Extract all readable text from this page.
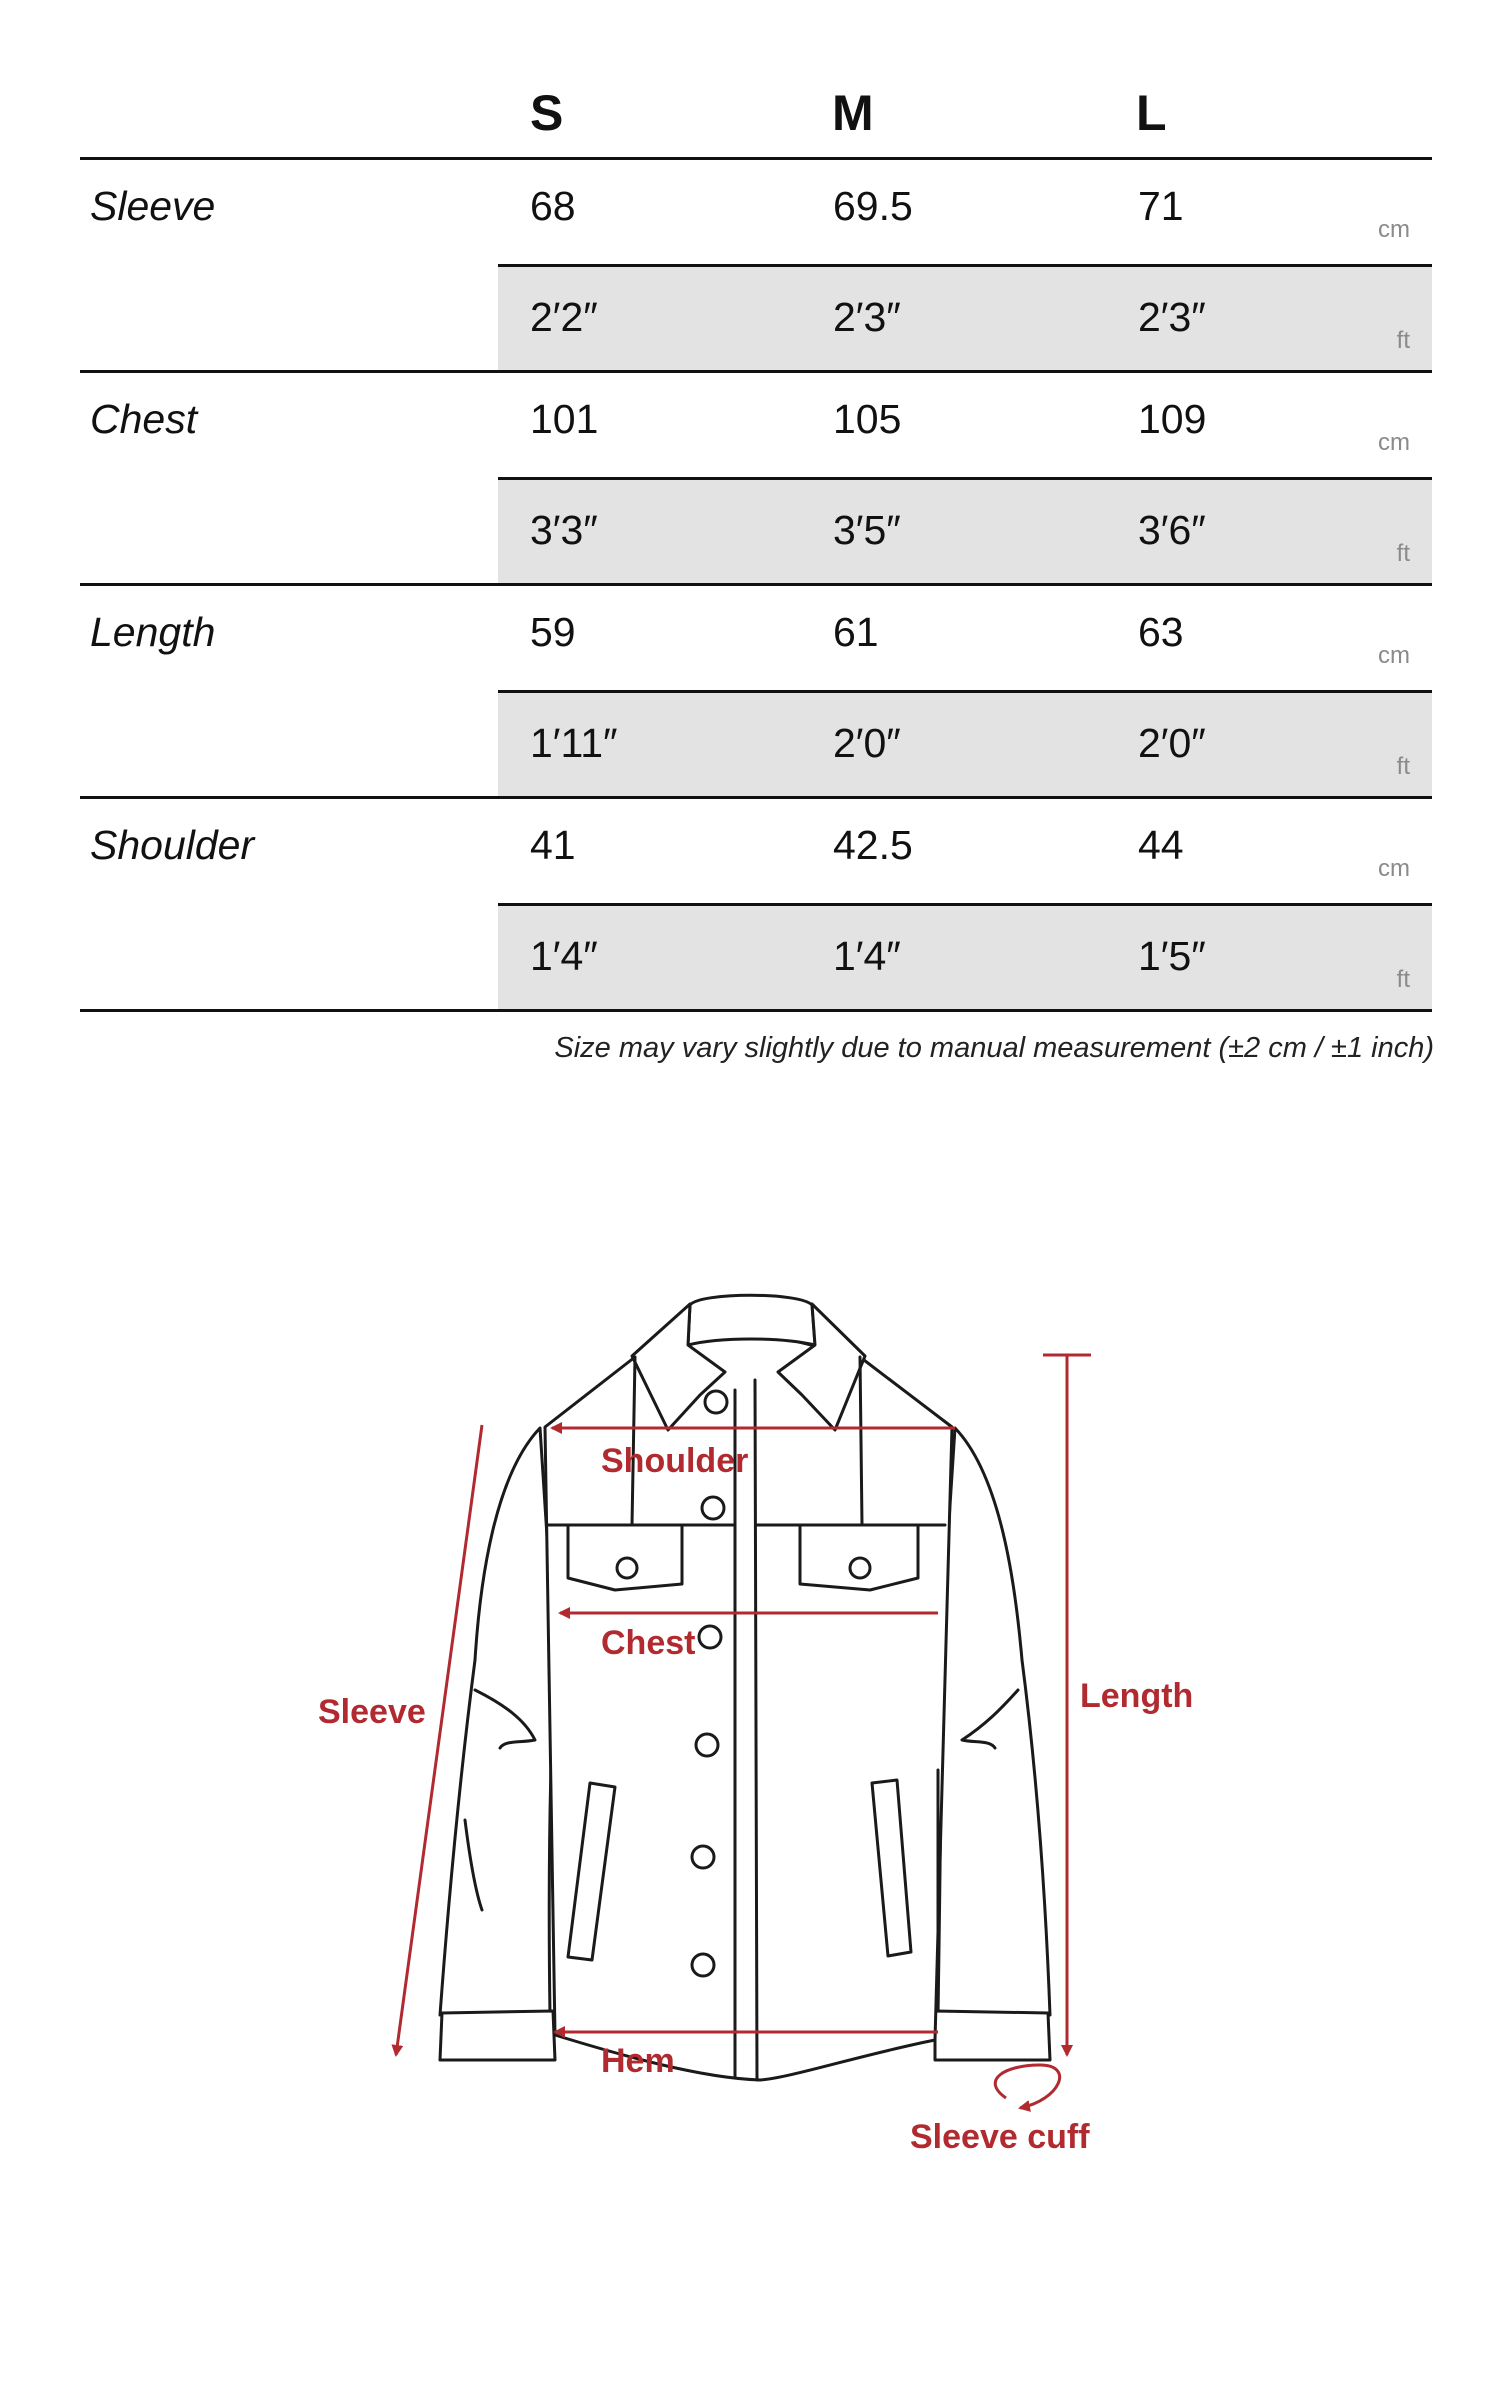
S	M	L
Sleeve	68	69.5	71
cm
2′2″	2′3″	2′3″
ft
Chest	101	105	109
cm
3′3″	3′5″	3′6″
ft
Length	59	61	63
cm
1′11″	2′0″	2′0″
ft
Shoulder	41	42.5	44
cm
1′4″	1′4″	1′5″
ft
Size may vary slightly due to manual measurement (±2 cm / ±1 inch)
Shoulder
Chest
Sleeve	Length
Hem
Sleeve cuff
